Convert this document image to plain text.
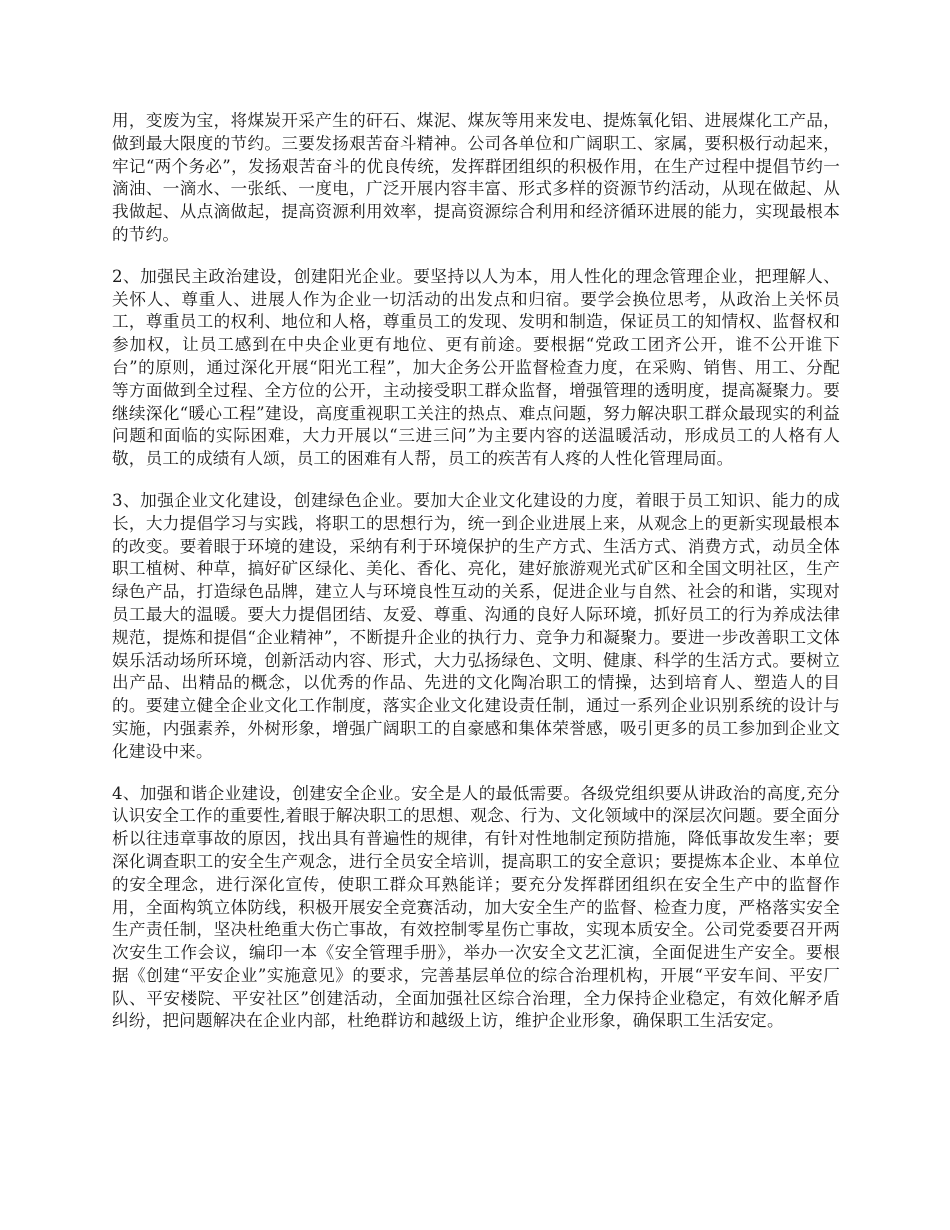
用，变废为宝，将煤炭开采产生的矸石、煤泥、煤灰等用来发电、提炼氧化铝、进展煤化工产品，做到最大限度的节约。三要发扬艰苦奋斗精神。公司各单位和广阔职工、家属，要积极行动起来，牢记“两个务必”，发扬艰苦奋斗的优良传统，发挥群团组织的积极作用，在生产过程中提倡节约一滴油、一滴水、一张纸、一度电，广泛开展内容丰富、形式多样的资源节约活动，从现在做起、从我做起、从点滴做起，提高资源利用效率，提高资源综合利用和经济循环进展的能力，实现最根本的节约。

2、加强民主政治建设，创建阳光企业。要坚持以人为本，用人性化的理念管理企业，把理解人、关怀人、尊重人、进展人作为企业一切活动的出发点和归宿。要学会换位思考，从政治上关怀员工，尊重员工的权利、地位和人格，尊重员工的发现、发明和制造，保证员工的知情权、监督权和参加权，让员工感到在中央企业更有地位、更有前途。要根据“党政工团齐公开，谁不公开谁下台”的原则，通过深化开展“阳光工程”，加大企务公开监督检查力度，在采购、销售、用工、分配等方面做到全过程、全方位的公开，主动接受职工群众监督，增强管理的透明度，提高凝聚力。要继续深化“暖心工程”建设，高度重视职工关注的热点、难点问题，努力解决职工群众最现实的利益问题和面临的实际困难，大力开展以“三进三问”为主要内容的送温暖活动，形成员工的人格有人敬，员工的成绩有人颂，员工的困难有人帮，员工的疾苦有人疼的人性化管理局面。

3、加强企业文化建设，创建绿色企业。要加大企业文化建设的力度，着眼于员工知识、能力的成长，大力提倡学习与实践，将职工的思想行为，统一到企业进展上来，从观念上的更新实现最根本的改变。要着眼于环境的建设，采纳有利于环境保护的生产方式、生活方式、消费方式，动员全体职工植树、种草，搞好矿区绿化、美化、香化、亮化，建好旅游观光式矿区和全国文明社区，生产绿色产品，打造绿色品牌，建立人与环境良性互动的关系，促进企业与自然、社会的和谐，实现对员工最大的温暖。要大力提倡团结、友爱、尊重、沟通的良好人际环境，抓好员工的行为养成法律规范，提炼和提倡“企业精神”，不断提升企业的执行力、竞争力和凝聚力。要进一步改善职工文体娱乐活动场所环境，创新活动内容、形式，大力弘扬绿色、文明、健康、科学的生活方式。要树立出产品、出精品的概念，以优秀的作品、先进的文化陶冶职工的情操，达到培育人、塑造人的目的。要建立健全企业文化工作制度，落实企业文化建设责任制，通过一系列企业识别系统的设计与实施，内强素养，外树形象，增强广阔职工的自豪感和集体荣誉感，吸引更多的员工参加到企业文化建设中来。

4、加强和谐企业建设，创建安全企业。安全是人的最低需要。各级党组织要从讲政治的高度,充分认识安全工作的重要性,着眼于解决职工的思想、观念、行为、文化领域中的深层次问题。要全面分析以往违章事故的原因，找出具有普遍性的规律，有针对性地制定预防措施，降低事故发生率；要深化调查职工的安全生产观念，进行全员安全培训，提高职工的安全意识；要提炼本企业、本单位的安全理念，进行深化宣传，使职工群众耳熟能详；要充分发挥群团组织在安全生产中的监督作用，全面构筑立体防线，积极开展安全竞赛活动，加大安全生产的监督、检查力度，严格落实安全生产责任制，坚决杜绝重大伤亡事故，有效控制零星伤亡事故，实现本质安全。公司党委要召开两次安生工作会议，编印一本《安全管理手册》，举办一次安全文艺汇演，全面促进生产安全。要根据《创建“平安企业”实施意见》的要求，完善基层单位的综合治理机构，开展“平安车间、平安厂队、平安楼院、平安社区”创建活动，全面加强社区综合治理，全力保持企业稳定，有效化解矛盾纠纷，把问题解决在企业内部，杜绝群访和越级上访，维护企业形象，确保职工生活安定。
